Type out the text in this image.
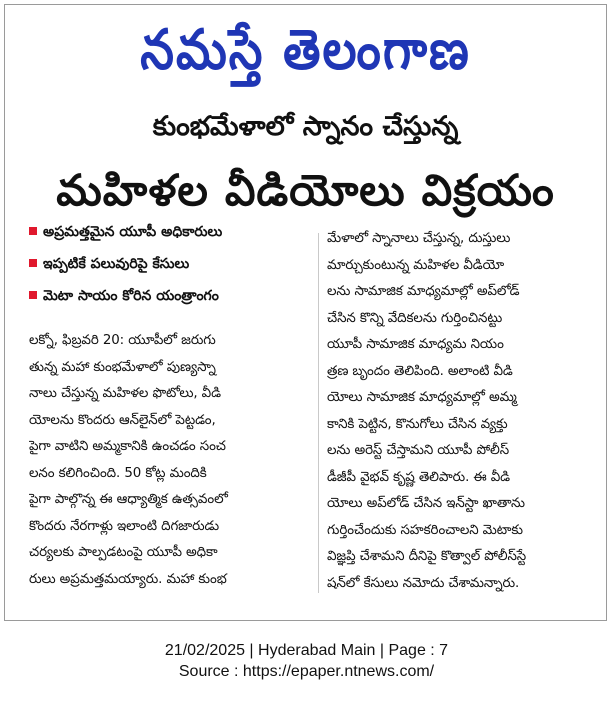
నమస్తే తెలంగాణ
కుంభమేళాలో స్నానం చేస్తున్న
మహిళల వీడియోలు విక్రయం
అప్రమత్తమైన యూపీ అధికారులు
ఇప్పటికే పలువురిపై కేసులు
మెటా సాయం కోరిన యంత్రాంగం
లక్నో, ఫిబ్రవరి 20: యూపీలో జరుగు
తున్న మహా కుంభమేళాలో పుణ్యస్నా
నాలు చేస్తున్న మహిళల ఫొటోలు, వీడి
యోలను కొందరు ఆన్‌లైన్‌లో పెట్టడం,
పైగా వాటిని అమ్మకానికి ఉంచడం సంచ
లనం కలిగించింది. 50 కోట్ల మందికి
పైగా పాల్గొన్న ఈ ఆధ్యాత్మిక ఉత్సవంలో
కొందరు నేరగాళ్లు ఇలాంటి దిగజారుడు
చర్యలకు పాల్పడటంపై యూపీ అధికా
రులు అప్రమత్తమయ్యారు. మహా కుంభ
మేళాలో స్నానాలు చేస్తున్న, దుస్తులు
మార్చుకుంటున్న మహిళల వీడియో
లను సామాజిక మాధ్యమాల్లో అప్‌లోడ్
చేసిన కొన్ని వేదికలను గుర్తించినట్టు
యూపీ సామాజిక మాధ్యమ నియం
త్రణ బృందం తెలిపింది. అలాంటి వీడి
యోలు సామాజిక మాధ్యమాల్లో అమ్మ
కానికి పెట్టిన, కొనుగోలు చేసిన వ్యక్తు
లను అరెస్ట్ చేస్తామని యూపీ పోలీస్
డీజీపీ వైభవ్ కృష్ణ తెలిపారు. ఈ వీడి
యోలు అప్‌లోడ్ చేసిన ఇన్‌స్టా ఖాతాను
గుర్తించేందుకు సహకరించాలని మెటాకు
విజ్ఞప్తి చేశామని దీనిపై కొత్వాల్ పోలీస్‌స్టే
షన్‌లో కేసులు నమోదు చేశామన్నారు.
21/02/2025 | Hyderabad Main | Page : 7
Source : https://epaper.ntnews.com/
